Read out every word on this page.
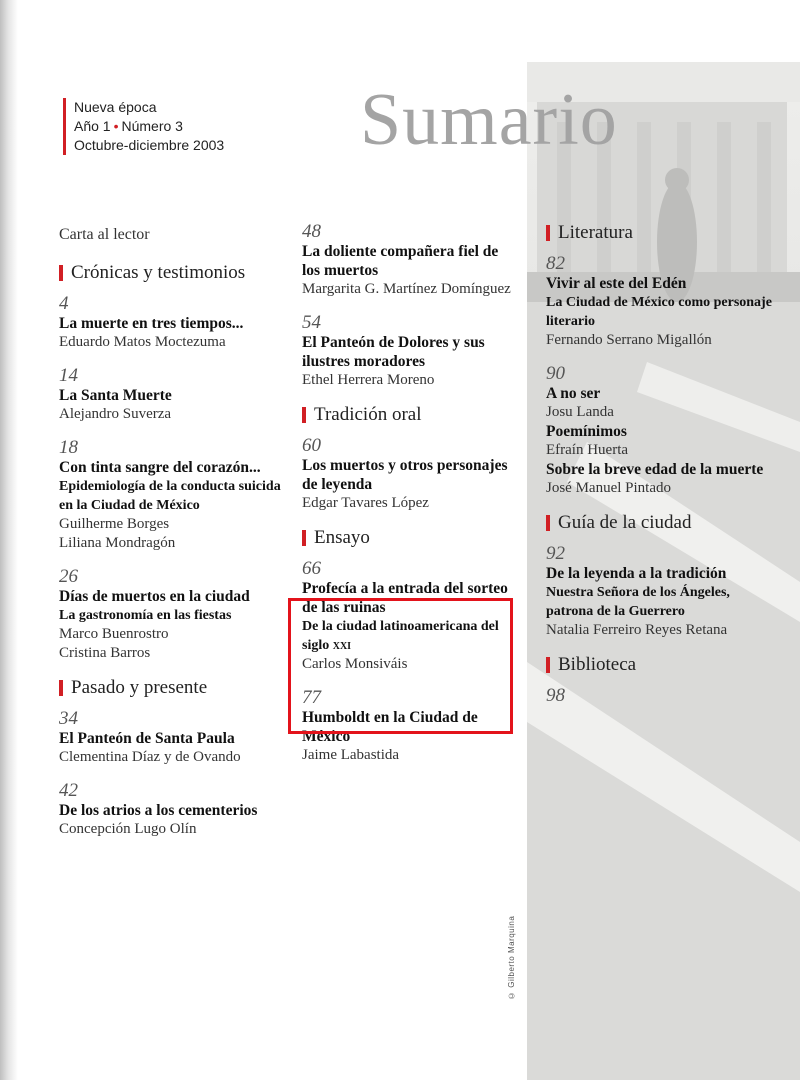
© Gilberto Marquina
Nueva época
Año 1 • Número 3
Octubre-diciembre 2003 Sumario
Carta al lector
Crónicas y testimonios
4
La muerte en tres tiempos...
Eduardo Matos Moctezuma
14
La Santa Muerte
Alejandro Suverza
18
Con tinta sangre del corazón...
Epidemiología de la conducta suicida en la Ciudad de México
Guilherme Borges
Liliana Mondragón
26
Días de muertos en la ciudad
La gastronomía en las fiestas
Marco Buenrostro
Cristina Barros
Pasado y presente
34
El Panteón de Santa Paula
Clementina Díaz y de Ovando
42
De los atrios a los cementerios
Concepción Lugo Olín
48
La doliente compañera fiel de los muertos
Margarita G. Martínez Domínguez
54
El Panteón de Dolores y sus ilustres moradores
Ethel Herrera Moreno
Tradición oral
60
Los muertos y otros personajes de leyenda
Edgar Tavares López
Ensayo
66
Profecía a la entrada del sorteo de las ruinas
De la ciudad latinoamericana del siglo xxi
Carlos Monsiváis
77
Humboldt en la Ciudad de México
Jaime Labastida
Literatura
82
Vivir al este del Edén
La Ciudad de México como personaje literario
Fernando Serrano Migallón
90
A no ser
Josu Landa
Poemínimos
Efraín Huerta
Sobre la breve edad de la muerte
José Manuel Pintado
Guía de la ciudad
92
De la leyenda a la tradición
Nuestra Señora de los Ángeles, patrona de la Guerrero
Natalia Ferreiro Reyes Retana
Biblioteca
98
